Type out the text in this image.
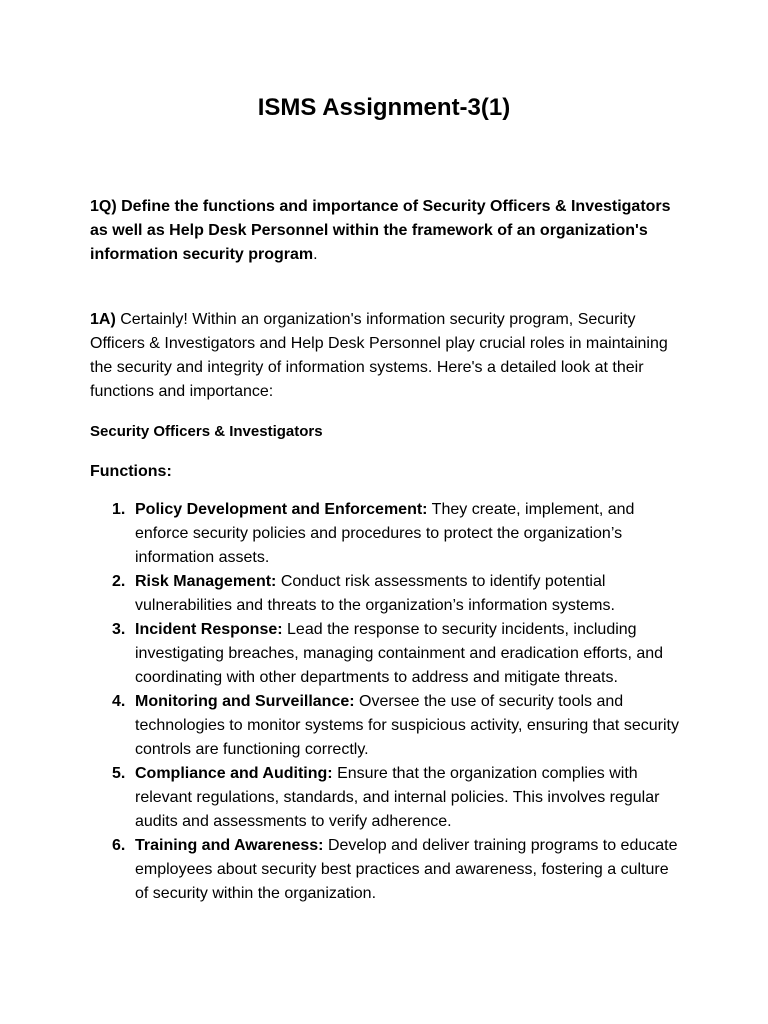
ISMS Assignment-3(1)

1Q) Define the functions and importance of Security Officers & Investigators as well as Help Desk Personnel within the framework of an organization's information security program.

1A) Certainly! Within an organization's information security program, Security Officers & Investigators and Help Desk Personnel play crucial roles in maintaining the security and integrity of information systems. Here's a detailed look at their functions and importance:

Security Officers & Investigators
Functions:
1. Policy Development and Enforcement: They create, implement, and enforce security policies and procedures to protect the organization’s information assets.
2. Risk Management: Conduct risk assessments to identify potential vulnerabilities and threats to the organization’s information systems.
3. Incident Response: Lead the response to security incidents, including investigating breaches, managing containment and eradication efforts, and coordinating with other departments to address and mitigate threats.
4. Monitoring and Surveillance: Oversee the use of security tools and technologies to monitor systems for suspicious activity, ensuring that security controls are functioning correctly.
5. Compliance and Auditing: Ensure that the organization complies with relevant regulations, standards, and internal policies. This involves regular audits and assessments to verify adherence.
6. Training and Awareness: Develop and deliver training programs to educate employees about security best practices and awareness, fostering a culture of security within the organization.
